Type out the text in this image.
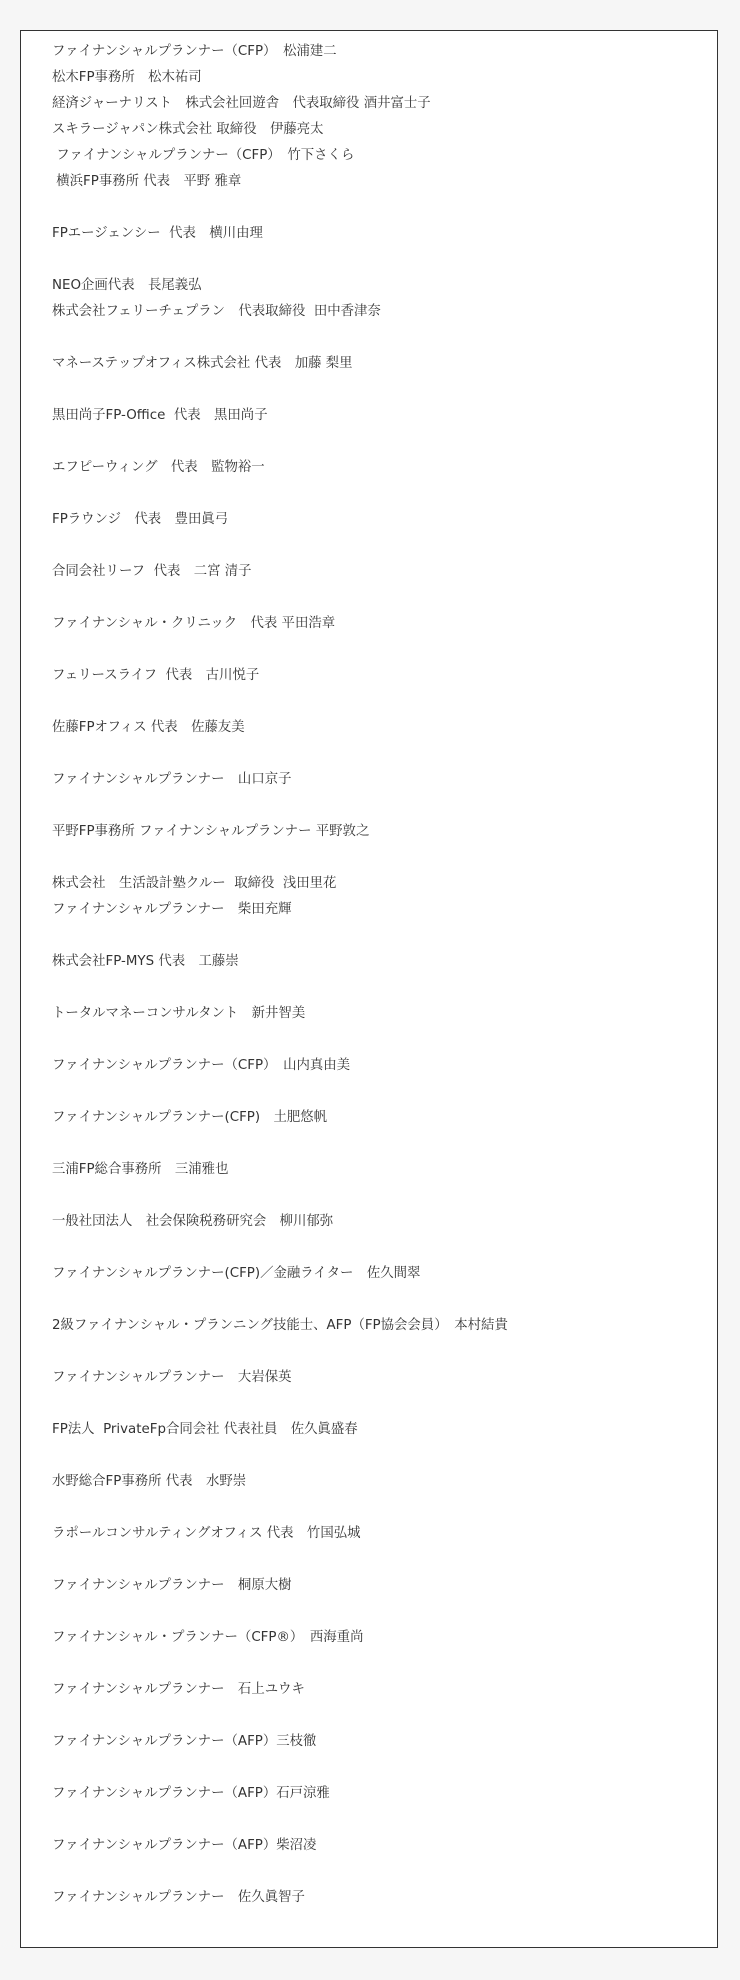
ファイナンシャルプランナー（CFP）　松浦建二
松木FP事務所　松木祐司
経済ジャーナリスト　株式会社回遊舎　代表取締役 酒井富士子
スキラージャパン株式会社 取締役　伊藤亮太
ファイナンシャルプランナー（CFP）　竹下さくら
横浜FP事務所 代表　平野 雅章
FPエージェンシー  代表　横川由理
NEO企画代表　長尾義弘
株式会社フェリーチェプラン　代表取締役  田中香津奈
マネーステップオフィス株式会社 代表　加藤 梨里
黒田尚子FP-Office  代表　黒田尚子
エフピーウィング　代表　監物裕一
FPラウンジ　代表　豊田眞弓
合同会社リーフ  代表　二宮 清子
ファイナンシャル・クリニック　代表 平田浩章
フェリースライフ  代表　古川悦子
佐藤FPオフィス 代表　佐藤友美
ファイナンシャルプランナー　山口京子
平野FP事務所 ファイナンシャルプランナー 平野敦之
株式会社　生活設計塾クルー  取締役  浅田里花
ファイナンシャルプランナー　柴田充輝
株式会社FP-MYS 代表　工藤崇
トータルマネーコンサルタント　新井智美
ファイナンシャルプランナー（CFP）　山内真由美
ファイナンシャルプランナー(CFP)　土肥悠帆
三浦FP総合事務所　三浦雅也
一般社団法人　社会保険税務研究会　柳川郁弥
ファイナンシャルプランナー(CFP)／金融ライター　佐久間翠
2級ファイナンシャル・プランニング技能士、AFP（FP協会会員）　本村結貴
ファイナンシャルプランナー　大岩保英
FP法人  PrivateFp合同会社 代表社員　佐久眞盛春
水野総合FP事務所 代表　水野崇
ラポールコンサルティングオフィス 代表　竹国弘城
ファイナンシャルプランナー　桐原大樹
ファイナンシャル・プランナー（CFP®）　西海重尚
ファイナンシャルプランナー　石上ユウキ
ファイナンシャルプランナー（AFP）三枝徹
ファイナンシャルプランナー（AFP）石戸涼雅
ファイナンシャルプランナー（AFP）柴沼凌
ファイナンシャルプランナー　佐久眞智子
